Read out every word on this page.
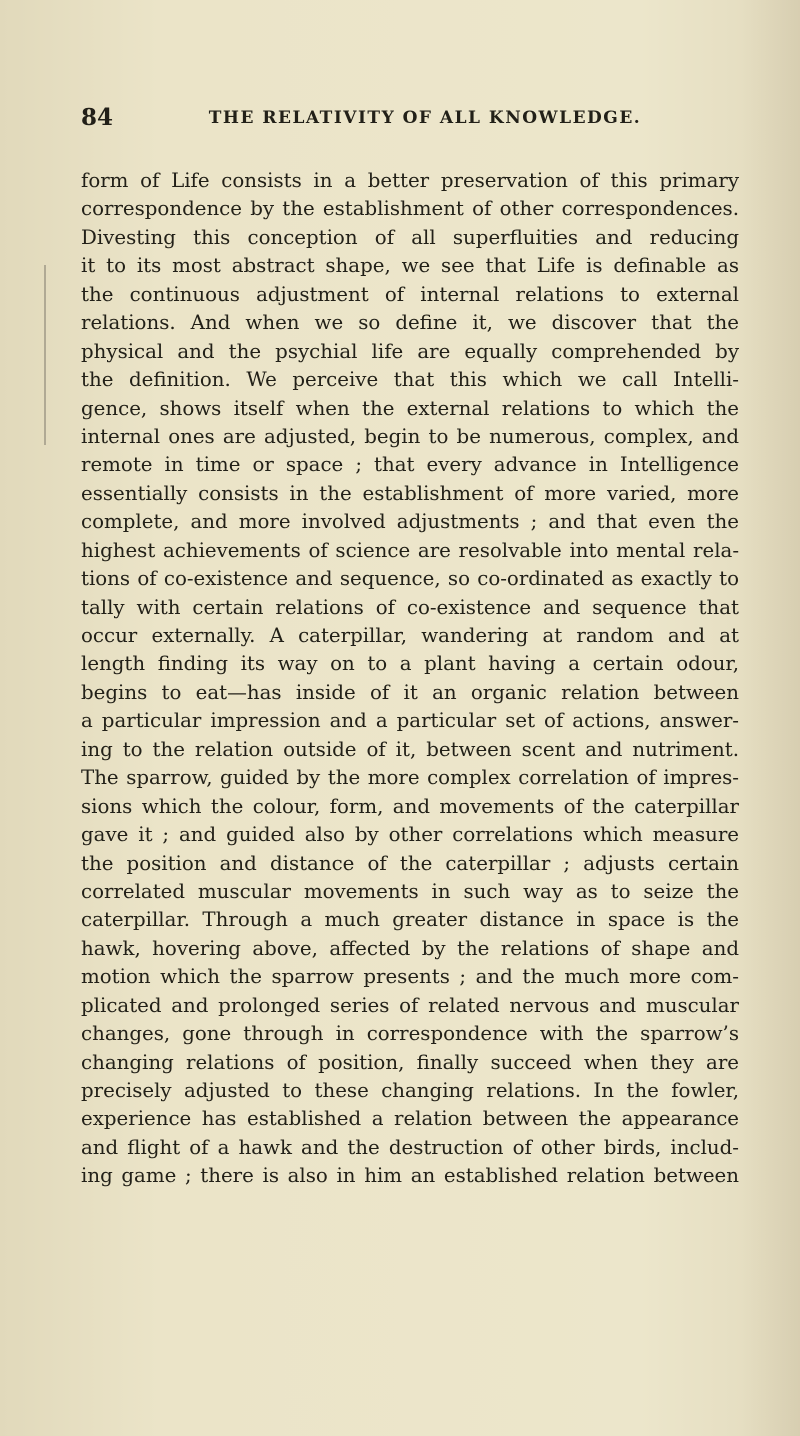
84	THE RELATIVITY OF ALL KNOWLEDGE.
form of Life consists in a better preservation of this primary
correspondence by the establishment of other correspondences.
Divesting this conception of all superfluities and reducing
it to its most abstract shape, we see that Life is definable as
the continuous adjustment of internal relations to external
relations. And when we so define it, we discover that the
physical and the psychial life are equally comprehended by
the definition. We perceive that this which we call Intelli-
gence, shows itself when the external relations to which the
internal ones are adjusted, begin to be numerous, complex, and
remote in time or space ; that every advance in Intelligence
essentially consists in the establishment of more varied, more
complete, and more involved adjustments ; and that even the
highest achievements of science are resolvable into mental rela-
tions of co-existence and sequence, so co-ordinated as exactly to
tally with certain relations of co-existence and sequence that
occur externally. A caterpillar, wandering at random and at
length finding its way on to a plant having a certain odour,
begins to eat—has inside of it an organic relation between
a particular impression and a particular set of actions, answer-
ing to the relation outside of it, between scent and nutriment.
The sparrow, guided by the more complex correlation of impres-
sions which the colour, form, and movements of the caterpillar
gave it ; and guided also by other correlations which measure
the position and distance of the caterpillar ; adjusts certain
correlated muscular movements in such way as to seize the
caterpillar. Through a much greater distance in space is the
hawk, hovering above, affected by the relations of shape and
motion which the sparrow presents ; and the much more com-
plicated and prolonged series of related nervous and muscular
changes, gone through in correspondence with the sparrow’s
changing relations of position, finally succeed when they are
precisely adjusted to these changing relations. In the fowler,
experience has established a relation between the appearance
and flight of a hawk and the destruction of other birds, includ-
ing game ; there is also in him an established relation between
